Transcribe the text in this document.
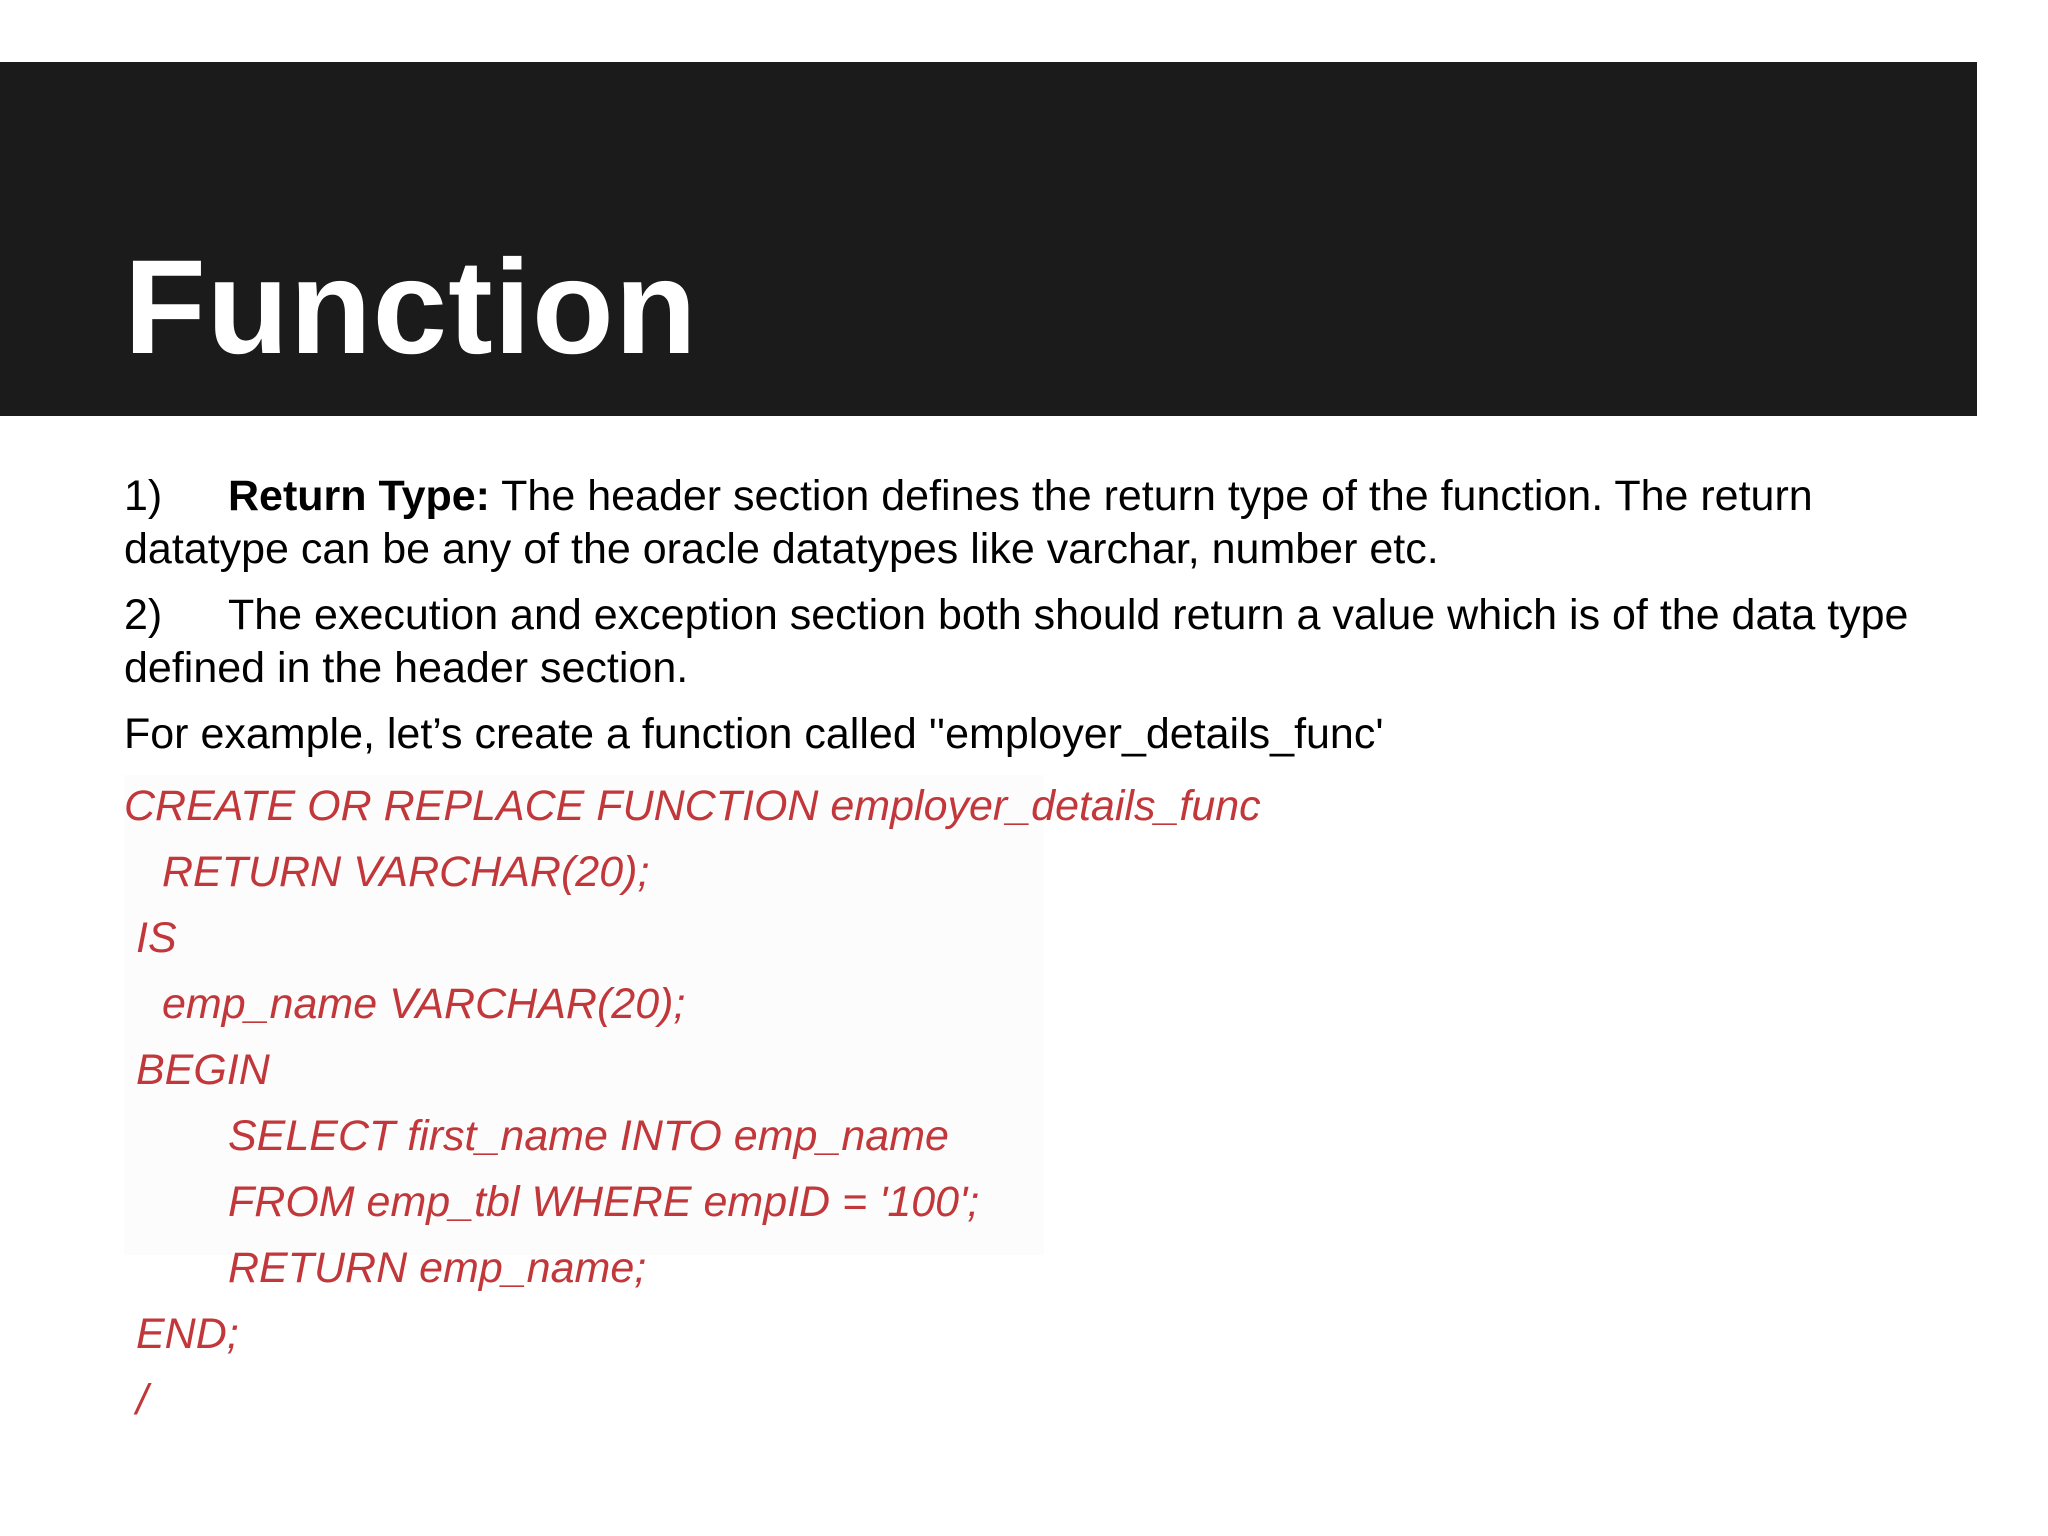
Function

1) Return Type: The header section defines the return type of the function. The return datatype can be any of the oracle datatypes like varchar, number etc.

2) The execution and exception section both should return a value which is of the data type defined in the header section.

For example, let’s create a function called ''employer_details_func'

CREATE OR REPLACE FUNCTION employer_details_func
RETURN VARCHAR(20);
IS
emp_name VARCHAR(20);
BEGIN
SELECT first_name INTO emp_name
FROM emp_tbl WHERE empID = '100';
RETURN emp_name;
END;
/
